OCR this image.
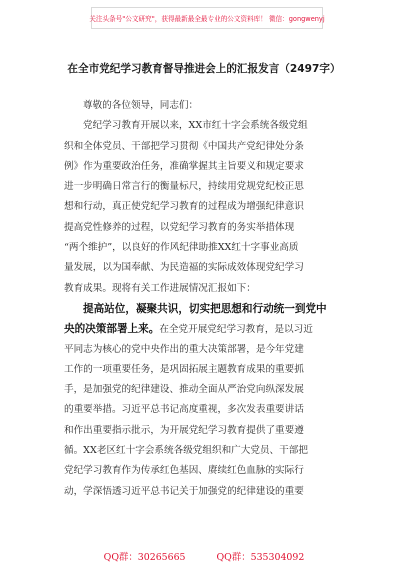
关注头条号"公文研究"，获得最新最全最专业的公文资料库！ 微信：gongwenyj
在全市党纪学习教育督导推进会上的汇报发言（2497字）
尊敬的各位领导，同志们：
党纪学习教育开展以来，XX市红十字会系统各级党组
织和全体党员、干部把学习贯彻《中国共产党纪律处分条
例》作为重要政治任务，准确掌握其主旨要义和规定要求
进一步明确日常言行的衡量标尺，持续用党规党纪校正思
想和行动，真正使党纪学习教育的过程成为增强纪律意识
提高党性修养的过程，以党纪学习教育的务实举措体现
“两个维护”，以良好的作风纪律助推XX红十字事业高质
量发展，以为国奉献、为民造福的实际成效体现党纪学习
教育成果。现将有关工作进展情况汇报如下：
提高站位，凝聚共识，切实把思想和行动统一到党中
央的决策部署上来。在全党开展党纪学习教育，是以习近
平同志为核心的党中央作出的重大决策部署，是今年党建
工作的一项重要任务，是巩固拓展主题教育成果的重要抓
手，是加强党的纪律建设、推动全面从严治党向纵深发展
的重要举措。习近平总书记高度重视，多次发表重要讲话
和作出重要指示批示，为开展党纪学习教育提供了重要遵
循。XX老区红十字会系统各级党组织和广大党员、干部把
党纪学习教育作为传承红色基因、赓续红色血脉的实际行
动，学深悟透习近平总书记关于加强党的纪律建设的重要
QQ群：30265665	QQ群：535304092
